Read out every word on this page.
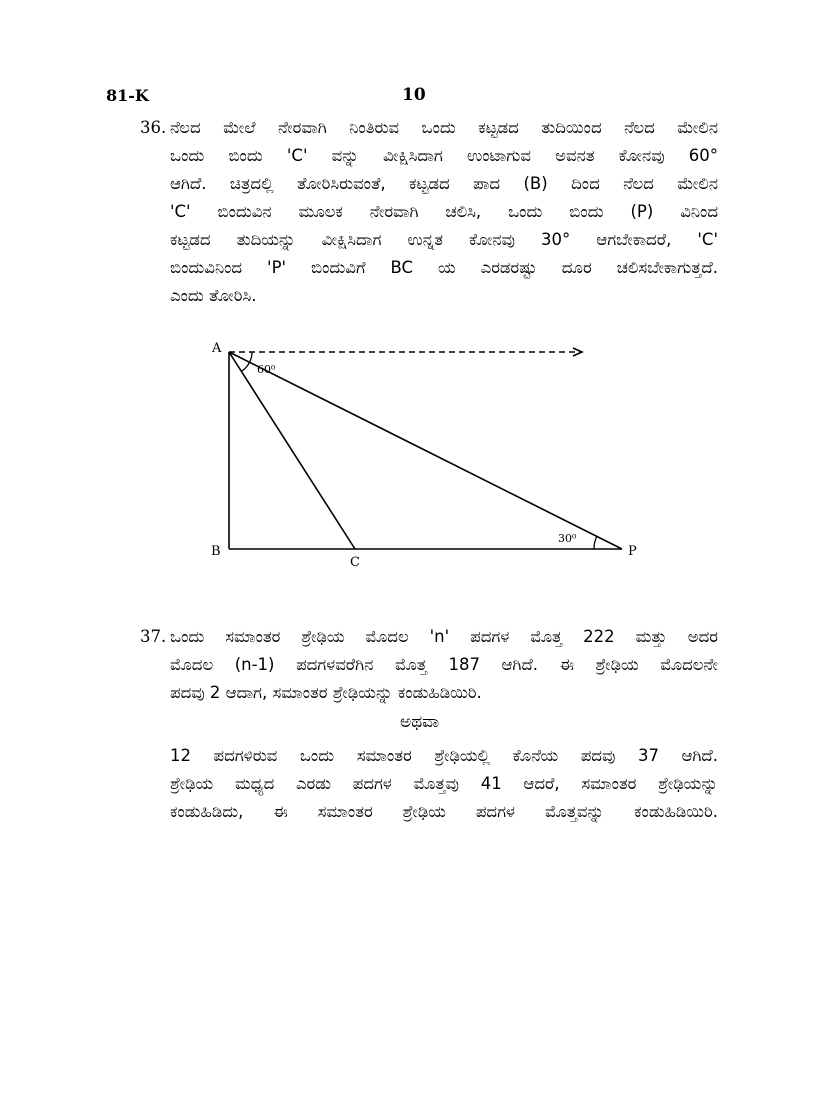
81-K	10
36. ನೆಲದ ಮೇಲೆ ನೇರವಾಗಿ ನಿಂತಿರುವ ಒಂದು ಕಟ್ಟಡದ ತುದಿಯಿಂದ ನೆಲದ ಮೇಲಿನ
ಒಂದು ಬಿಂದು 'C' ವನ್ನು ವೀಕ್ಷಿಸಿದಾಗ ಉಂಟಾಗುವ ಅವನತ ಕೋನವು 60°
ಆಗಿದೆ. ಚಿತ್ರದಲ್ಲಿ ತೋರಿಸಿರುವಂತೆ, ಕಟ್ಟಡದ ಪಾದ (B) ದಿಂದ ನೆಲದ ಮೇಲಿನ
'C' ಬಿಂದುವಿನ ಮೂಲಕ ನೇರವಾಗಿ ಚಲಿಸಿ, ಒಂದು ಬಿಂದು (P) ವಿನಿಂದ
ಕಟ್ಟಡದ ತುದಿಯನ್ನು ವೀಕ್ಷಿಸಿದಾಗ ಉನ್ನತ ಕೋನವು 30° ಆಗಬೇಕಾದರೆ, 'C'
ಬಿಂದುವಿನಿಂದ 'P' ಬಿಂದುವಿಗೆ BC ಯ ಎರಡರಷ್ಟು ದೂರ ಚಲಿಸಬೇಕಾಗುತ್ತದೆ.
ಎಂದು ತೋರಿಸಿ.
A
B
C
P
60⁰
30⁰
37. ಒಂದು ಸಮಾಂತರ ಶ್ರೇಢಿಯ ಮೊದಲ 'n' ಪದಗಳ ಮೊತ್ತ 222 ಮತ್ತು ಅದರ
ಮೊದಲ (n-1) ಪದಗಳವರೆಗಿನ ಮೊತ್ತ 187 ಆಗಿದೆ. ಈ ಶ್ರೇಢಿಯ ಮೊದಲನೇ
ಪದವು 2 ಆದಾಗ, ಸಮಾಂತರ ಶ್ರೇಢಿಯನ್ನು ಕಂಡುಹಿಡಿಯಿರಿ.
ಅಥವಾ
12 ಪದಗಳಿರುವ ಒಂದು ಸಮಾಂತರ ಶ್ರೇಢಿಯಲ್ಲಿ ಕೊನೆಯ ಪದವು 37 ಆಗಿದೆ.
ಶ್ರೇಢಿಯ ಮಧ್ಯದ ಎರಡು ಪದಗಳ ಮೊತ್ತವು 41 ಆದರೆ, ಸಮಾಂತರ ಶ್ರೇಢಿಯನ್ನು
ಕಂಡುಹಿಡಿದು, ಈ ಸಮಾಂತರ ಶ್ರೇಢಿಯ ಪದಗಳ ಮೊತ್ತವನ್ನು ಕಂಡುಹಿಡಿಯಿರಿ.
